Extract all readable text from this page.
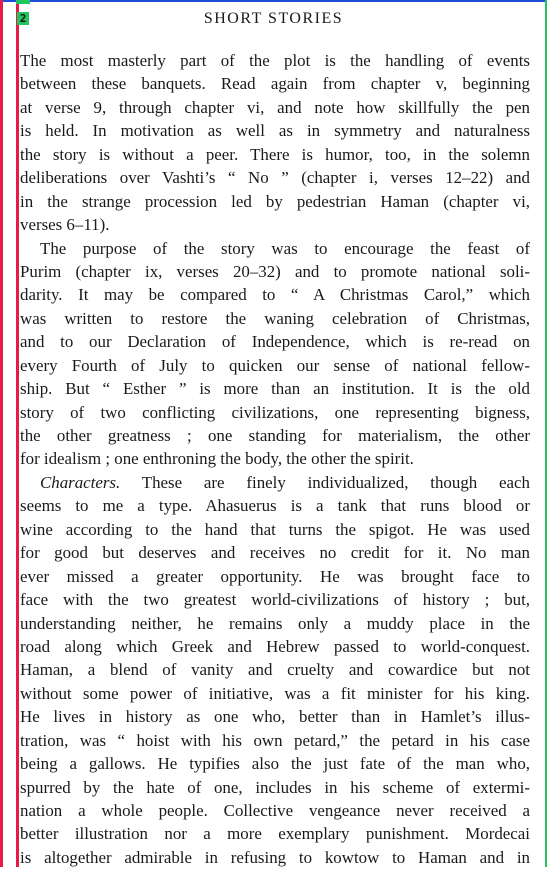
2	SHORT STORIES
The most masterly part of the plot is the handling of events
between these banquets. Read again from chapter v, beginning
at verse 9, through chapter vi, and note how skillfully the pen
is held. In motivation as well as in symmetry and naturalness
the story is without a peer. There is humor, too, in the solemn
deliberations over Vashti’s “ No ” (chapter i, verses 12–22) and
in the strange procession led by pedestrian Haman (chapter vi,
verses 6–11).
The purpose of the story was to encourage the feast of
Purim (chapter ix, verses 20–32) and to promote national soli-
darity. It may be compared to “ A Christmas Carol,” which
was written to restore the waning celebration of Christmas,
and to our Declaration of Independence, which is re-read on
every Fourth of July to quicken our sense of national fellow-
ship. But “ Esther ” is more than an institution. It is the old
story of two conflicting civilizations, one representing bigness,
the other greatness ; one standing for materialism, the other
for idealism ; one enthroning the body, the other the spirit.
Characters. These are finely individualized, though each
seems to me a type. Ahasuerus is a tank that runs blood or
wine according to the hand that turns the spigot. He was used
for good but deserves and receives no credit for it. No man
ever missed a greater opportunity. He was brought face to
face with the two greatest world-civilizations of history ; but,
understanding neither, he remains only a muddy place in the
road along which Greek and Hebrew passed to world-conquest.
Haman, a blend of vanity and cruelty and cowardice but not
without some power of initiative, was a fit minister for his king.
He lives in history as one who, better than in Hamlet’s illus-
tration, was “ hoist with his own petard,” the petard in his case
being a gallows. He typifies also the just fate of the man who,
spurred by the hate of one, includes in his scheme of extermi-
nation a whole people. Collective vengeance never received a
better illustration nor a more exemplary punishment. Mordecai
is altogether admirable in refusing to kowtow to Haman and in
